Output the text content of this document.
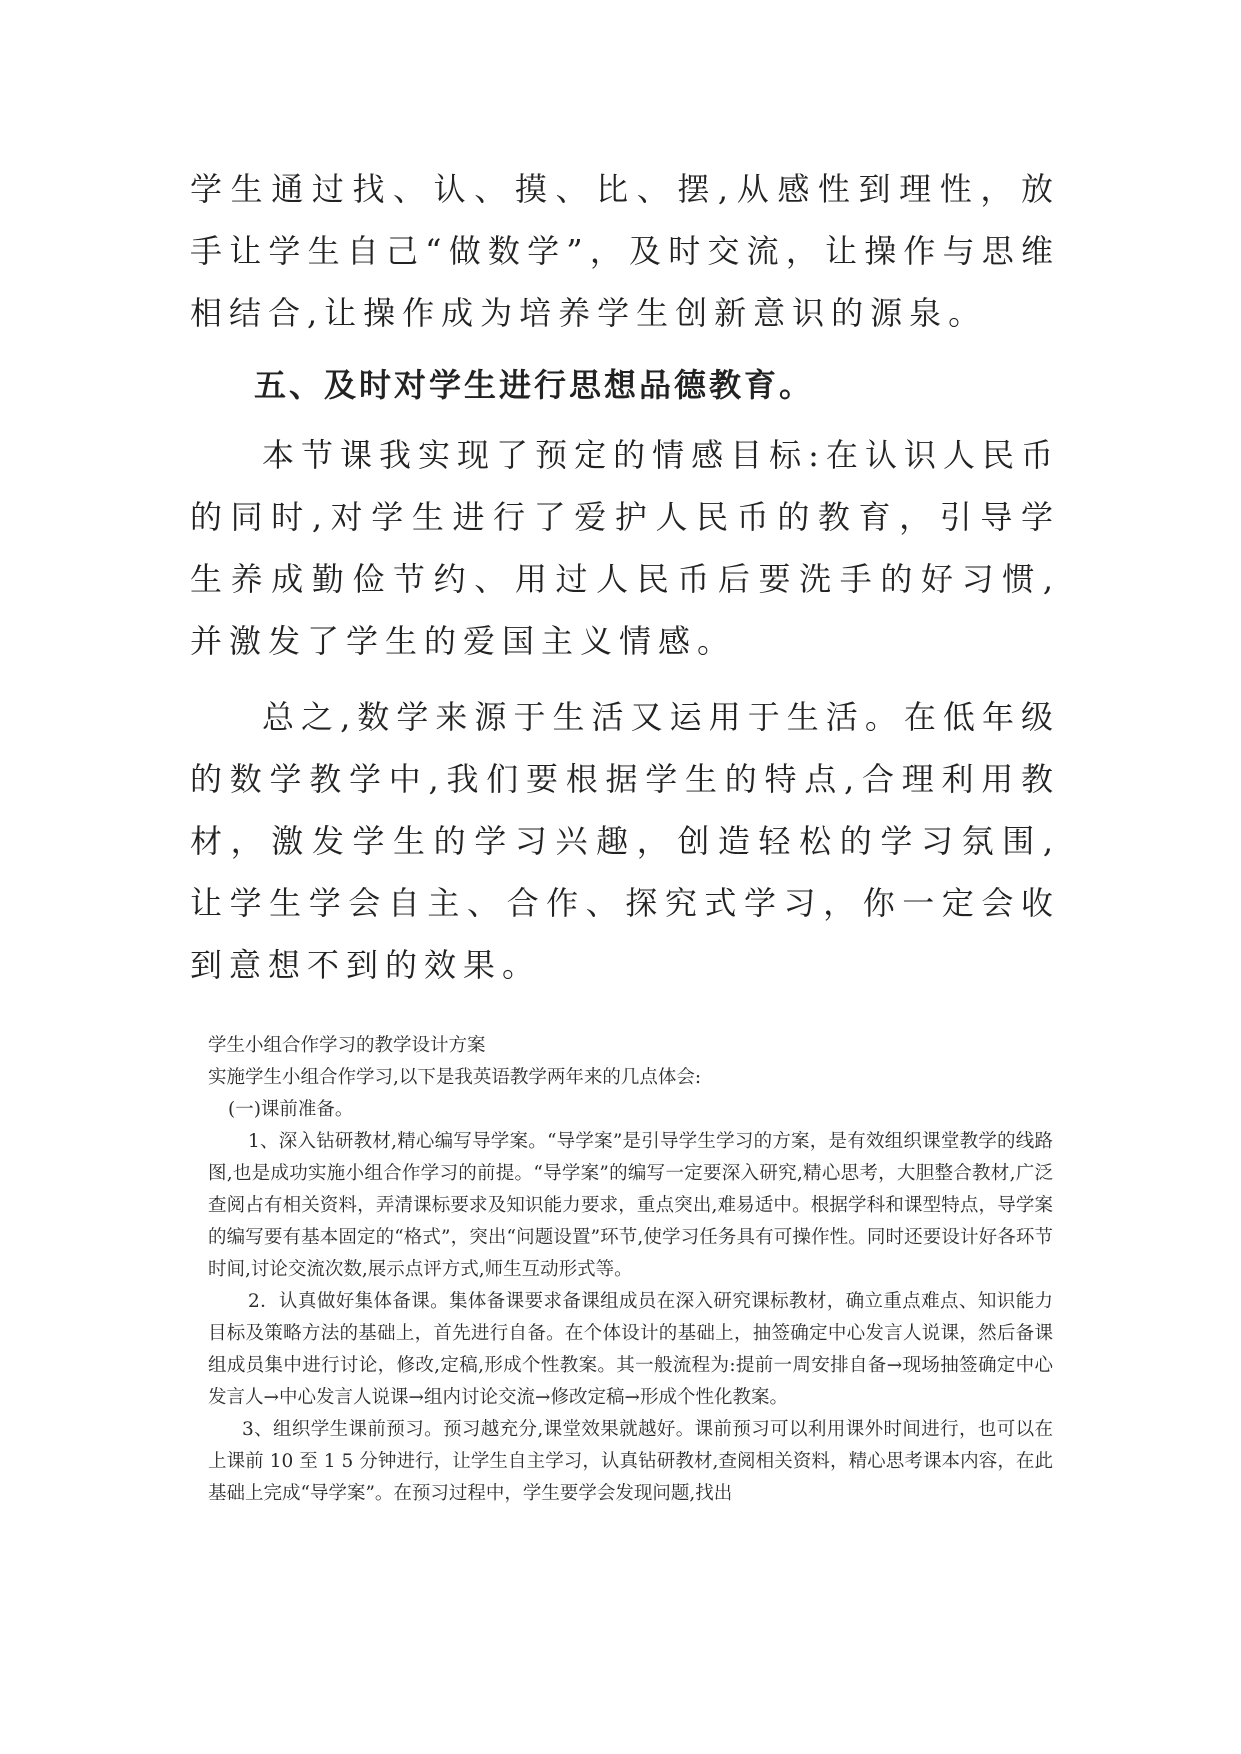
学生通过找、认、摸、比、摆,从感性到理性，放手让学生自己“做数学”，及时交流，让操作与思维相结合,让操作成为培养学生创新意识的源泉。

五、及时对学生进行思想品德教育。

本节课我实现了预定的情感目标:在认识人民币的同时,对学生进行了爱护人民币的教育，引导学生养成勤俭节约、用过人民币后要洗手的好习惯,并激发了学生的爱国主义情感。

总之,数学来源于生活又运用于生活。在低年级的数学教学中,我们要根据学生的特点,合理利用教材，激发学生的学习兴趣，创造轻松的学习氛围,让学生学会自主、合作、探究式学习，你一定会收到意想不到的效果。

学生小组合作学习的教学设计方案

实施学生小组合作学习,以下是我英语教学两年来的几点体会:

(一)课前准备。

1、深入钻研教材,精心编写导学案。“导学案”是引导学生学习的方案，是有效组织课堂教学的线路图,也是成功实施小组合作学习的前提。“导学案”的编写一定要深入研究,精心思考，大胆整合教材,广泛查阅占有相关资料，弄清课标要求及知识能力要求，重点突出,难易适中。根据学科和课型特点，导学案的编写要有基本固定的“格式”，突出“问题设置”环节,使学习任务具有可操作性。同时还要设计好各环节时间,讨论交流次数,展示点评方式,师生互动形式等。

2．认真做好集体备课。集体备课要求备课组成员在深入研究课标教材，确立重点难点、知识能力目标及策略方法的基础上，首先进行自备。在个体设计的基础上，抽签确定中心发言人说课，然后备课组成员集中进行讨论，修改,定稿,形成个性教案。其一般流程为:提前一周安排自备→现场抽签确定中心发言人→中心发言人说课→组内讨论交流→修改定稿→形成个性化教案。

3、组织学生课前预习。预习越充分,课堂效果就越好。课前预习可以利用课外时间进行，也可以在上课前 10 至 1 5 分钟进行，让学生自主学习，认真钻研教材,查阅相关资料，精心思考课本内容，在此基础上完成“导学案”。在预习过程中，学生要学会发现问题,找出
